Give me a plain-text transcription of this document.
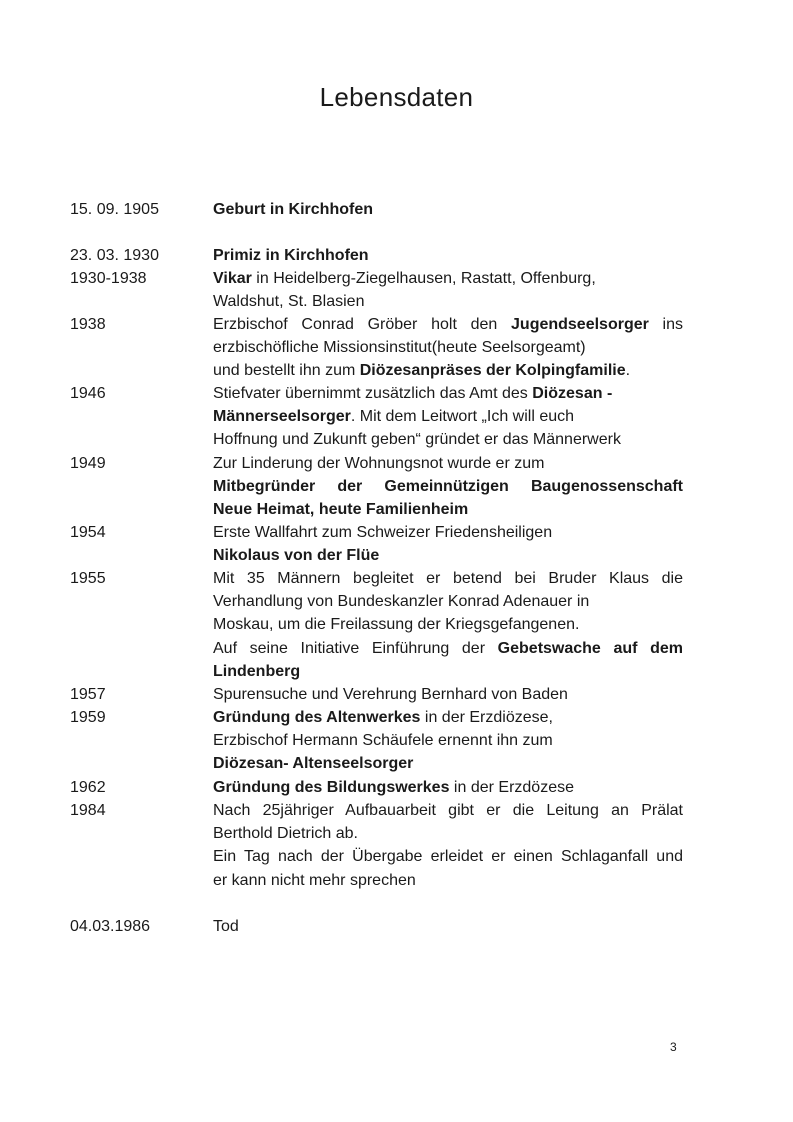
Lebensdaten
15. 09. 1905	Geburt in Kirchhofen
23. 03. 1930	Primiz in Kirchhofen
1930-1938	Vikar in Heidelberg-Ziegelhausen, Rastatt, Offenburg,
Waldshut, St. Blasien
1938	Erzbischof Conrad Gröber holt den Jugendseelsorger ins
erzbischöfliche Missionsinstitut(heute Seelsorgeamt)
und bestellt ihn zum Diözesanpräses der Kolpingfamilie.
1946	Stiefvater übernimmt zusätzlich das Amt des Diözesan -
Männerseelsorger. Mit dem Leitwort „Ich will euch
Hoffnung und Zukunft geben“ gründet er das Männerwerk
1949	Zur Linderung der Wohnungsnot wurde er zum
Mitbegründer der Gemeinnützigen Baugenossenschaft
Neue Heimat, heute Familienheim
1954	Erste Wallfahrt zum Schweizer Friedensheiligen
Nikolaus von der Flüe
1955	Mit 35 Männern begleitet er betend bei Bruder Klaus die
Verhandlung von Bundeskanzler Konrad Adenauer in
Moskau, um die Freilassung der Kriegsgefangenen.
Auf seine Initiative Einführung der Gebetswache auf dem
Lindenberg
1957	Spurensuche und Verehrung Bernhard von Baden
1959	Gründung des Altenwerkes in der Erzdiözese,
Erzbischof Hermann Schäufele ernennt ihn zum
Diözesan- Altenseelsorger
1962	Gründung des Bildungswerkes in der Erzdözese
1984	Nach 25jähriger Aufbauarbeit gibt er die Leitung an Prälat
Berthold Dietrich ab.
Ein Tag nach der Übergabe erleidet er einen Schlaganfall und
er kann nicht mehr sprechen
04.03.1986	Tod
3
